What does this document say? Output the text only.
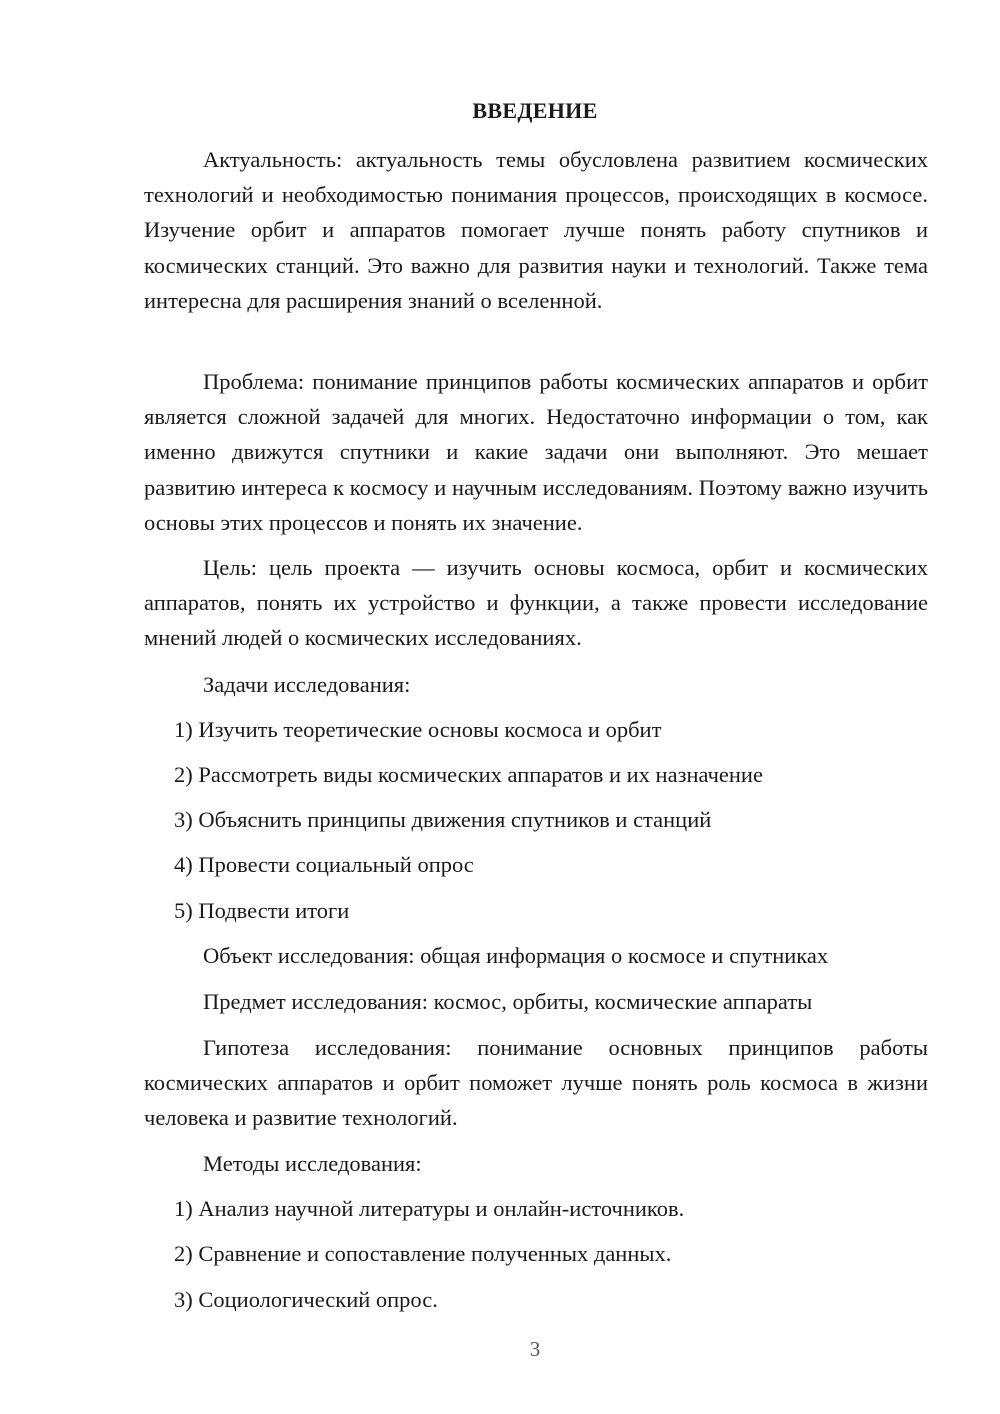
ВВЕДЕНИЕ

Актуальность: актуальность темы обусловлена развитием космических технологий и необходимостью понимания процессов, происходящих в космосе. Изучение орбит и аппаратов помогает лучше понять работу спутников и космических станций. Это важно для развития науки и технологий. Также тема интересна для расширения знаний о вселенной.

Проблема: понимание принципов работы космических аппаратов и орбит является сложной задачей для многих. Недостаточно информации о том, как именно движутся спутники и какие задачи они выполняют. Это мешает развитию интереса к космосу и научным исследованиям. Поэтому важно изучить основы этих процессов и понять их значение.

Цель: цель проекта — изучить основы космоса, орбит и космических аппаратов, понять их устройство и функции, а также провести исследование мнений людей о космических исследованиях.

Задачи исследования:

1) Изучить теоретические основы космоса и орбит

2) Рассмотреть виды космических аппаратов и их назначение

3) Объяснить принципы движения спутников и станций

4) Провести социальный опрос

5) Подвести итоги

Объект исследования: общая информация о космосе и спутниках

Предмет исследования: космос, орбиты, космические аппараты

Гипотеза исследования: понимание основных принципов работы космических аппаратов и орбит поможет лучше понять роль космоса в жизни человека и развитие технологий.

Методы исследования:

1) Анализ научной литературы и онлайн-источников.

2) Сравнение и сопоставление полученных данных.

3) Социологический опрос.

3
